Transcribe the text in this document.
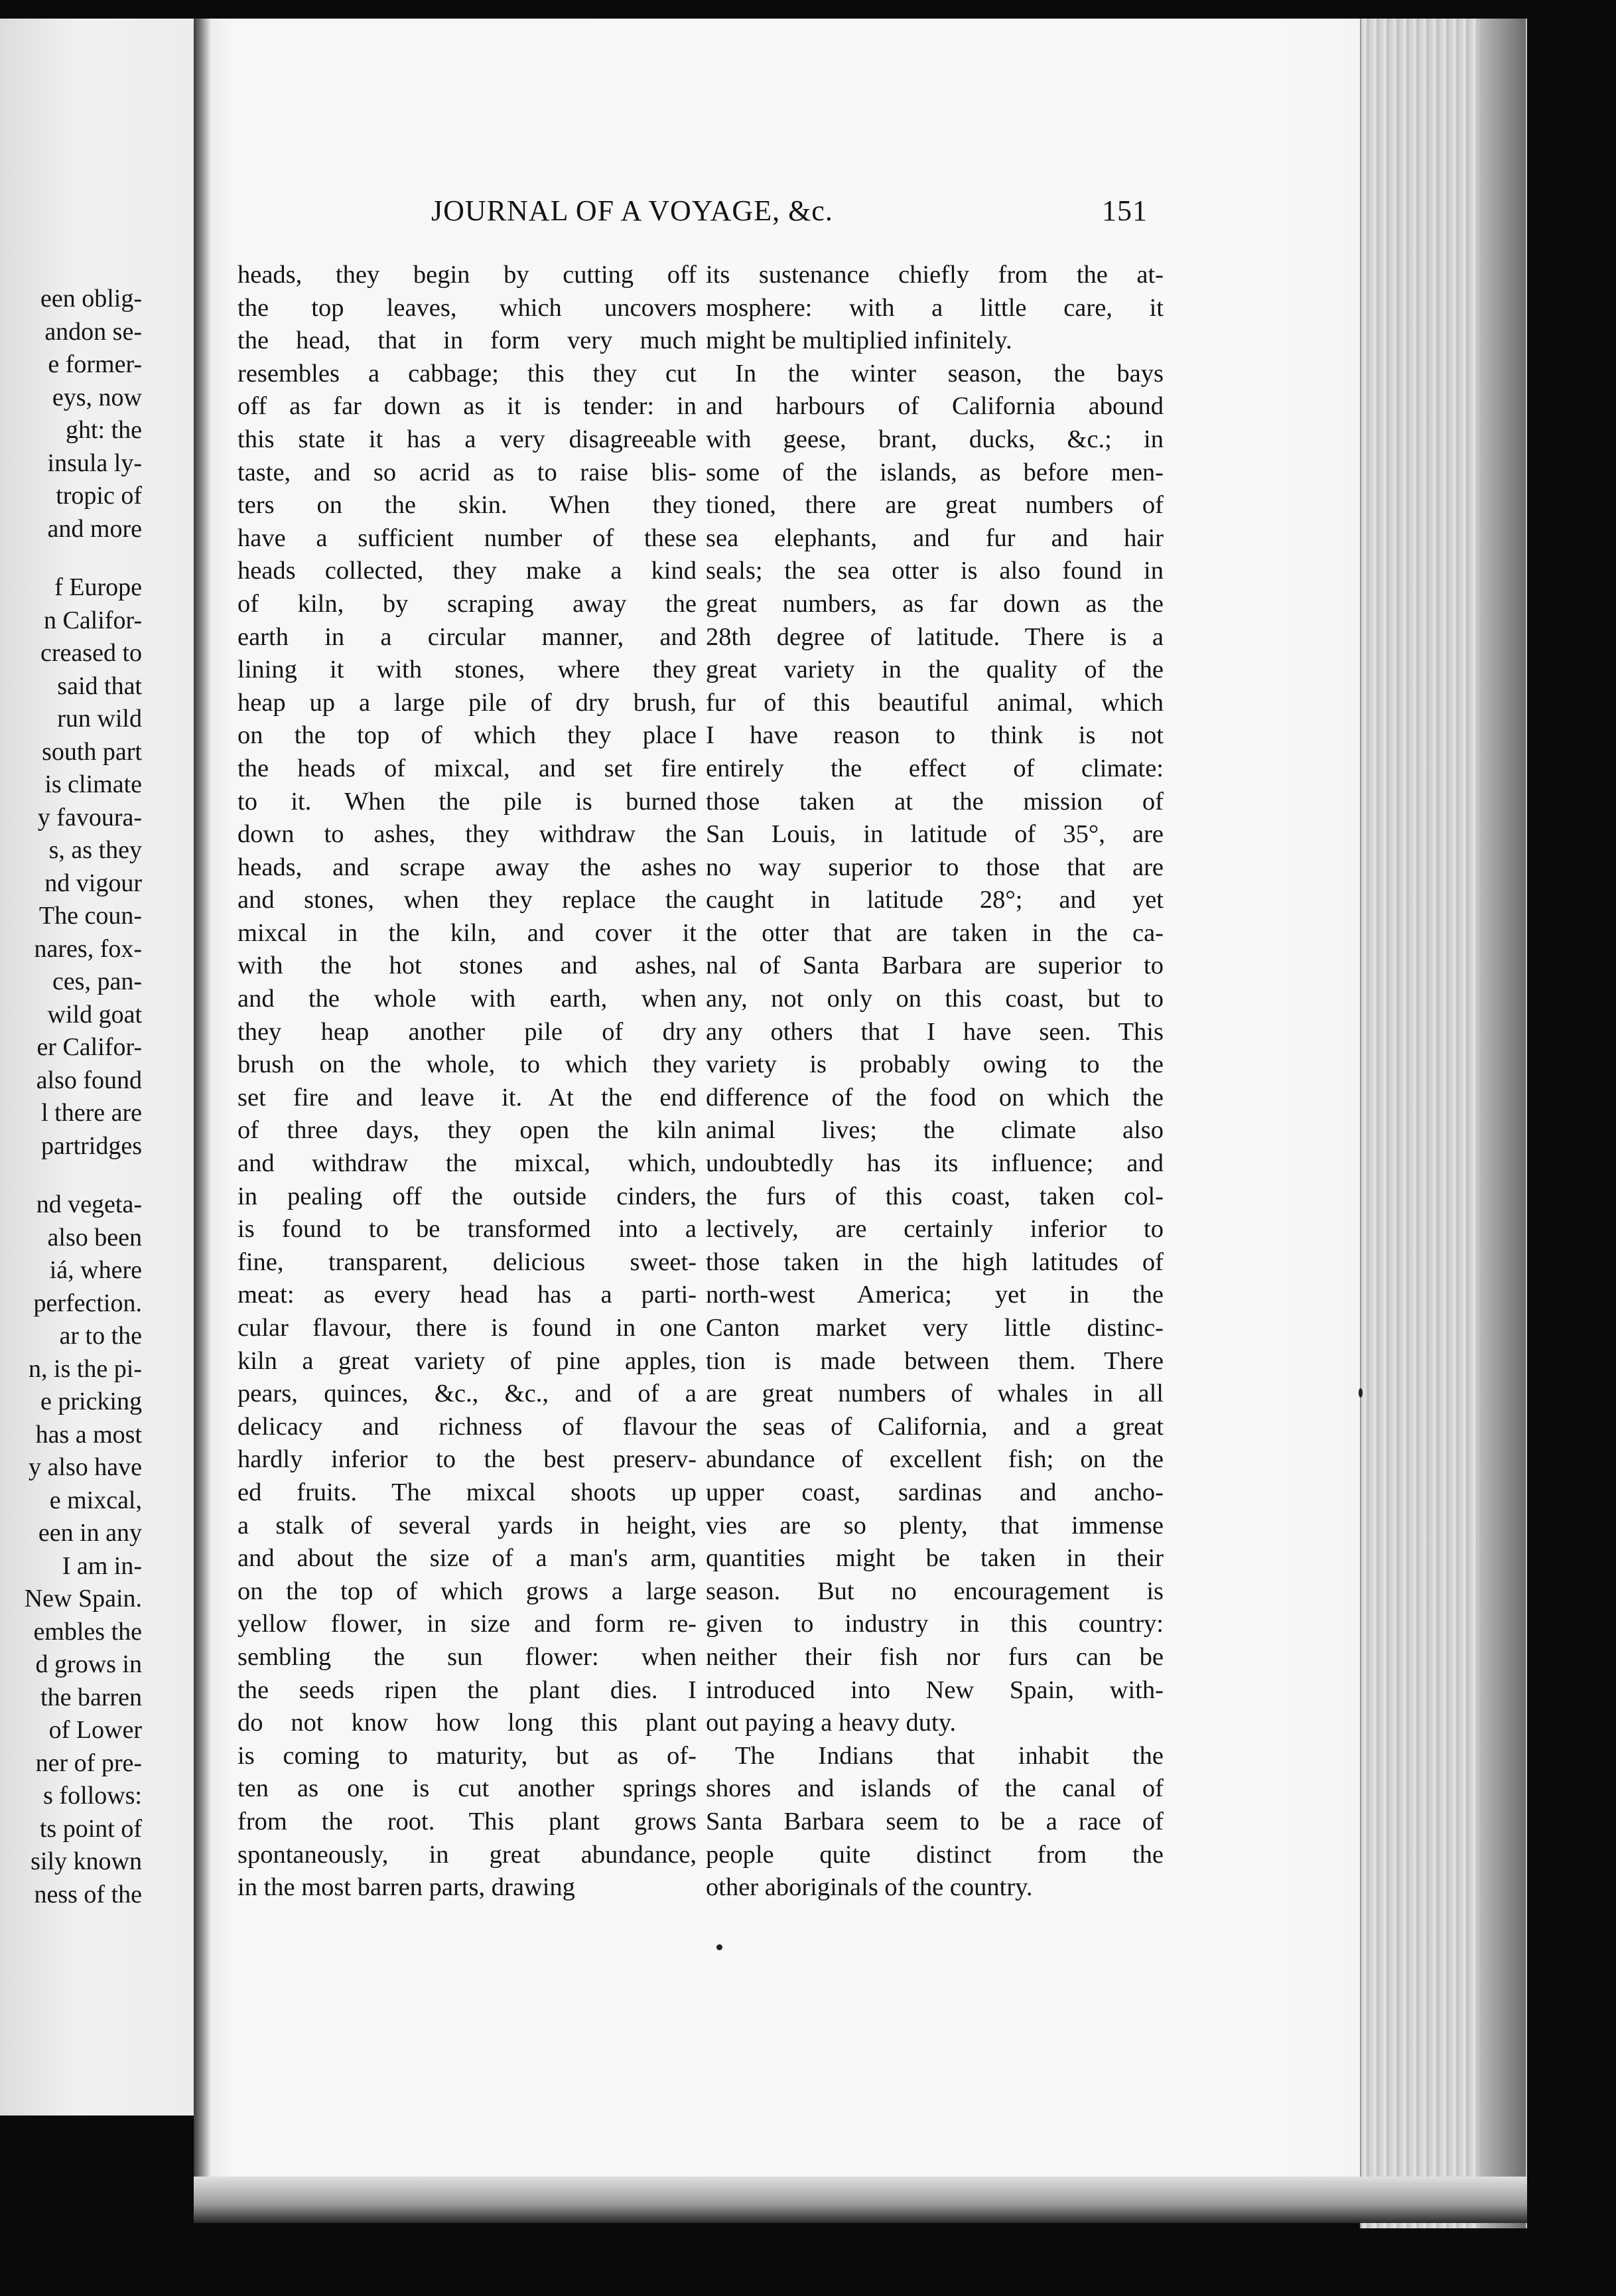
een oblig-
andon se-
e former-
eys, now
ght: the
insula ly-
tropic of
and more
f Europe
n Califor-
creased to
said that
run wild
south part
is climate
y favoura-
s, as they
nd vigour
The coun-
nares, fox-
ces, pan-
wild goat
er Califor-
also found
l there are
partridges
nd vegeta-
also been
iá, where
perfection.
ar to the
n, is the pi-
e pricking
has a most
y also have
e mixcal,
een in any
I am in-
New Spain.
embles the
d grows in
the barren
of Lower
ner of pre-
s follows:
ts point of
sily known
ness of the
JOURNAL OF A VOYAGE, &c.	151
heads, they begin by cutting off
the top leaves, which uncovers
the head, that in form very much
resembles a cabbage; this they cut
off as far down as it is tender: in
this state it has a very disagreeable
taste, and so acrid as to raise blis-
ters on the skin. When they
have a sufficient number of these
heads collected, they make a kind
of kiln, by scraping away the
earth in a circular manner, and
lining it with stones, where they
heap up a large pile of dry brush,
on the top of which they place
the heads of mixcal, and set fire
to it. When the pile is burned
down to ashes, they withdraw the
heads, and scrape away the ashes
and stones, when they replace the
mixcal in the kiln, and cover it
with the hot stones and ashes,
and the whole with earth, when
they heap another pile of dry
brush on the whole, to which they
set fire and leave it. At the end
of three days, they open the kiln
and withdraw the mixcal, which,
in pealing off the outside cinders,
is found to be transformed into a
fine, transparent, delicious sweet-
meat: as every head has a parti-
cular flavour, there is found in one
kiln a great variety of pine apples,
pears, quinces, &c., &c., and of a
delicacy and richness of flavour
hardly inferior to the best preserv-
ed fruits. The mixcal shoots up
a stalk of several yards in height,
and about the size of a man's arm,
on the top of which grows a large
yellow flower, in size and form re-
sembling the sun flower: when
the seeds ripen the plant dies. I
do not know how long this plant
is coming to maturity, but as of-
ten as one is cut another springs
from the root. This plant grows
spontaneously, in great abundance,
in the most barren parts, drawing
its sustenance chiefly from the at-
mosphere: with a little care, it
might be multiplied infinitely.
In the winter season, the bays
and harbours of California abound
with geese, brant, ducks, &c.; in
some of the islands, as before men-
tioned, there are great numbers of
sea elephants, and fur and hair
seals; the sea otter is also found in
great numbers, as far down as the
28th degree of latitude. There is a
great variety in the quality of the
fur of this beautiful animal, which
I have reason to think is not
entirely the effect of climate:
those taken at the mission of
San Louis, in latitude of 35°, are
no way superior to those that are
caught in latitude 28°; and yet
the otter that are taken in the ca-
nal of Santa Barbara are superior to
any, not only on this coast, but to
any others that I have seen. This
variety is probably owing to the
difference of the food on which the
animal lives; the climate also
undoubtedly has its influence; and
the furs of this coast, taken col-
lectively, are certainly inferior to
those taken in the high latitudes of
north-west America; yet in the
Canton market very little distinc-
tion is made between them. There
are great numbers of whales in all
the seas of California, and a great
abundance of excellent fish; on the
upper coast, sardinas and ancho-
vies are so plenty, that immense
quantities might be taken in their
season. But no encouragement is
given to industry in this country:
neither their fish nor furs can be
introduced into New Spain, with-
out paying a heavy duty.
The Indians that inhabit the
shores and islands of the canal of
Santa Barbara seem to be a race of
people quite distinct from the
other aboriginals of the country.
